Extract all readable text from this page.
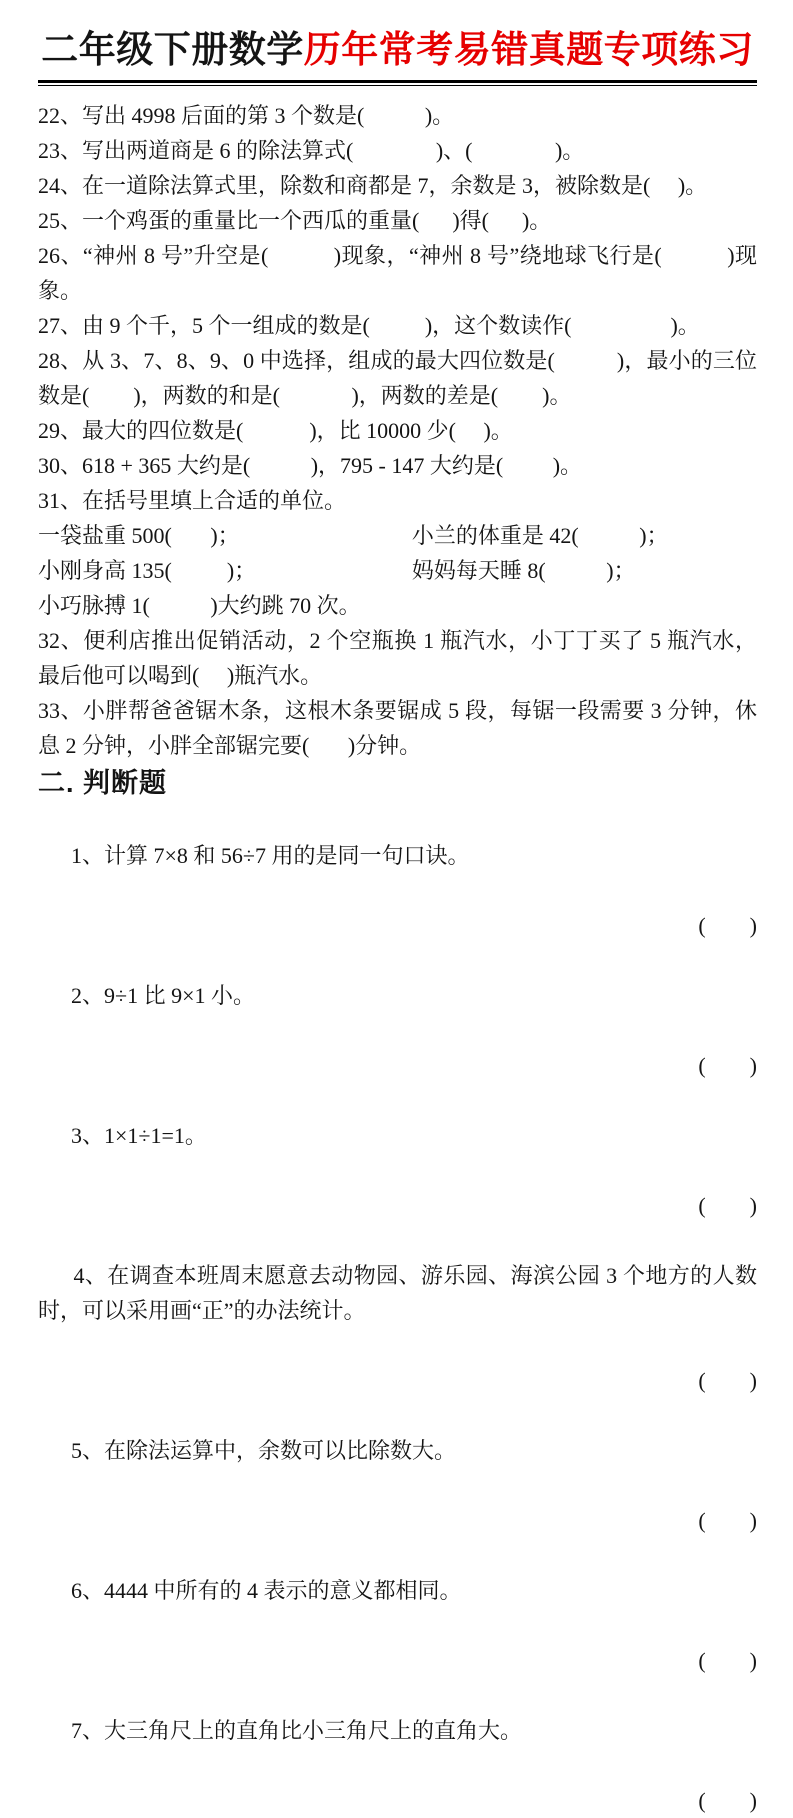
二年级下册数学历年常考易错真题专项练习

22、写出 4998 后面的第 3 个数是(           )。

23、写出两道商是 6 的除法算式(               )、(               )。

24、在一道除法算式里，除数和商都是 7，余数是 3，被除数是(     )。

25、一个鸡蛋的重量比一个西瓜的重量(      )得(      )。

26、“神州 8 号”升空是(           )现象，“神州 8 号”绕地球飞行是(           )现象。

27、由 9 个千，5 个一组成的数是(          )，这个数读作(                  )。

28、从 3、7、8、9、0 中选择，组成的最大四位数是(           )，最小的三位数是(        )，两数的和是(             )，两数的差是(        )。

29、最大的四位数是(            )，比 10000 少(     )。

30、618 + 365 大约是(           )，795 - 147 大约是(         )。

31、在括号里填上合适的单位。

一袋盐重 500(       )；	小兰的体重是 42(           )；
小刚身高 135(          )；	妈妈每天睡 8(           )；
小巧脉搏 1(           )大约跳 70 次。

32、便利店推出促销活动，2 个空瓶换 1 瓶汽水，小丁丁买了 5 瓶汽水，最后他可以喝到(     )瓶汽水。

33、小胖帮爸爸锯木条，这根木条要锯成 5 段，每锯一段需要 3 分钟，休息 2 分钟，小胖全部锯完要(       )分钟。

二. 判断题

1、计算 7×8 和 56÷7 用的是同一句口诀。

(        )

2、9÷1 比 9×1 小。

(        )

3、1×1÷1=1。

(        )

4、在调查本班周末愿意去动物园、游乐园、海滨公园 3 个地方的人数时，可以采用画“正”的办法统计。

(        )

5、在除法运算中，余数可以比除数大。

(        )

6、4444 中所有的 4 表示的意义都相同。

(        )

7、大三角尺上的直角比小三角尺上的直角大。

(        )
